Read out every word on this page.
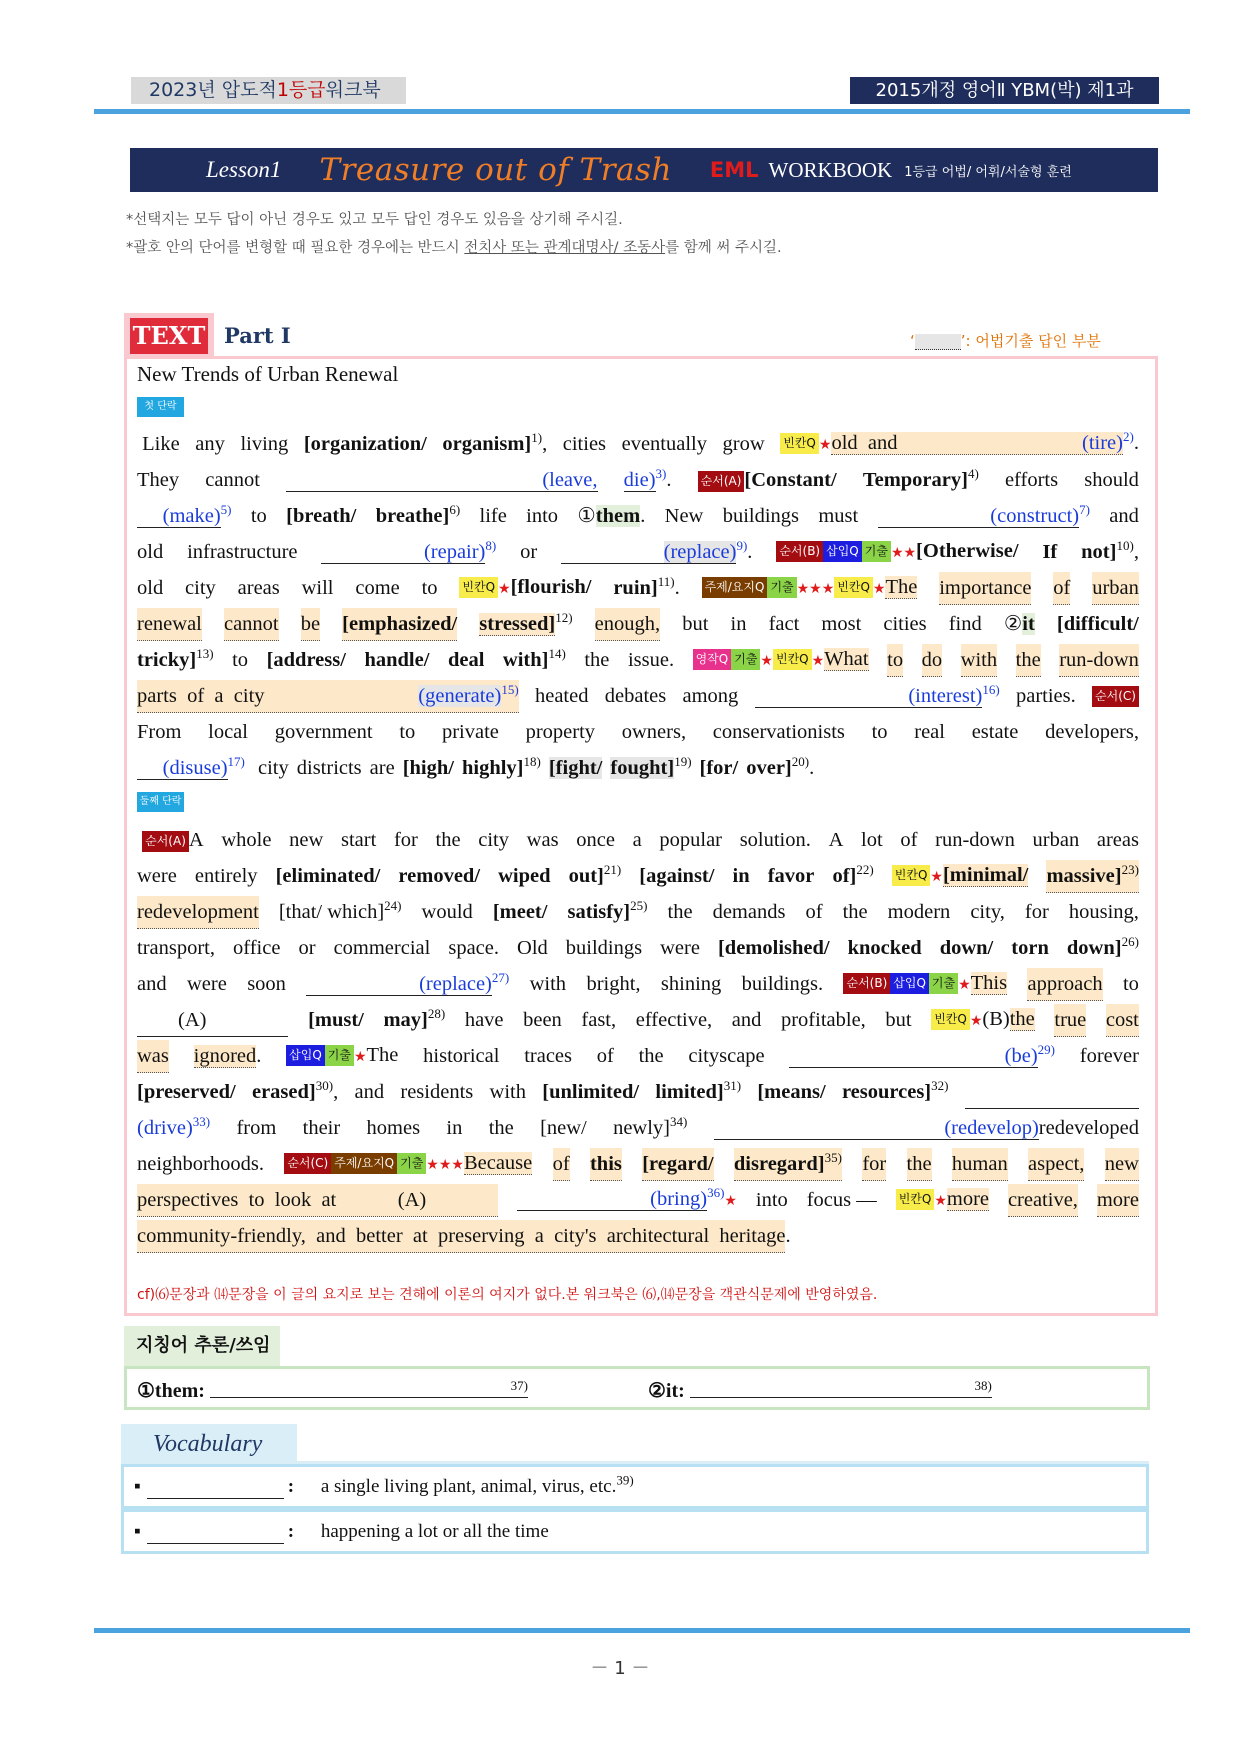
2023년 압도적1등급워크북	2015개정 영어Ⅱ YBM(박) 제1과
Lesson1 Treasure out of Trash EML WORKBOOK 1등급 어법/ 어휘/서술형 훈련
*선택지는 모두 답이 아닌 경우도 있고 모두 답인 경우도 있음을 상기해 주시길.
*괄호 안의 단어를 변형할 때 필요한 경우에는 반드시 전치사 또는 관계대명사/ 조동사를 함께 써 주시길.
TEXT Part Ⅰ	‘	’: 어법기출 답인 부분
New Trends of Urban Renewal
첫 단락
Like any living [organization/ organism]$^{1)}$, cities eventually grow 빈칸Q ★old  and                                    (tire)$^{2)}$.
They cannot	(leave, die)$^{3)}$. 순서(A) [Constant/ Temporary]$^{4)}$ efforts should
(make)$^{5)}$ to [breath/ breathe]$^{6)}$ life into ①them. New buildings must	(construct)$^{7)}$ and
old infrastructure	(repair)$^{8)}$ or	(replace)$^{9)}$. 순서(B) 삽입Q 기출 ★★[Otherwise/ If not]$^{10)}$,
old city areas will come to 빈칸Q ★[flourish/ ruin]$^{11)}$. 주제/요지Q 기출 ★★★ 빈칸Q ★The importance of urban
renewal cannot be [emphasized/ stressed]$^{12)}$ enough, but in fact most cities find ②it [difficult/
tricky]$^{13)}$ to [address/ handle/ deal with]$^{14)}$ the issue. 영작Q 기출 ★ 빈칸Q ★What to do with the run-down
parts  of  a  city                              (generate)$^{15)}$ heated debates among	(interest)$^{16)}$ parties. 순서(C)
From local government to private property owners, conservationists to real estate developers,
(disuse)$^{17)}$ city districts are [high/ highly]$^{18)}$ [fight/ fought]$^{19)}$ [for/ over]$^{20)}$.
둘째 단락
순서(A) A whole new start for the city was once a popular solution. A lot of run-down urban areas
were entirely [eliminated/ removed/ wiped out]$^{21)}$ [against/ in favor of]$^{22)}$ 빈칸Q ★[minimal/ massive]$^{23)}$
redevelopment [that/ which]$^{24)}$ would [meet/ satisfy]$^{25)}$ the demands of the modern city, for housing,
transport, office or commercial space. Old buildings were [demolished/ knocked down/ torn down]$^{26)}$
and were soon	(replace)$^{27)}$ with bright, shining buildings. 순서(B) 삽입Q 기출 ★This approach to
(A) [must/ may]$^{28)}$ have been fast, effective, and profitable, but 빈칸Q ★(B)the true cost
was ignored. 삽입Q 기출 ★The historical traces of the cityscape	(be)$^{29)}$ forever
[preserved/ erased]$^{30)}$, and residents with [unlimited/ limited]$^{31)}$ [means/ resources]$^{32)}$

(drive)$^{33)}$ from their homes in the [new/ newly]$^{34)}$	(redevelop)redeveloped
neighborhoods. 순서(C) 주제/요지Q 기출 ★★★Because of this [regard/ disregard]$^{35)}$ for the human aspect, new
perspectives  to  look  at            (A)	(bring)$^{36)}$★ into focus — 빈칸Q ★more creative, more
community-friendly,  and  better  at  preserving  a  city's  architectural  heritage .
cf)⑹문장과 ⒁문장을 이 글의 요지로 보는 견해에 이론의 여지가 없다.본 워크북은 ⑹,⒁문장을 객관식문제에 반영하였음.
지칭어 추론/쓰임
①them:	37)	②it:	38)
Vocabulary
▪	: a single living plant, animal, virus, etc.$^{39)}$
▪	: happening a lot or all the time
－ 1 －
